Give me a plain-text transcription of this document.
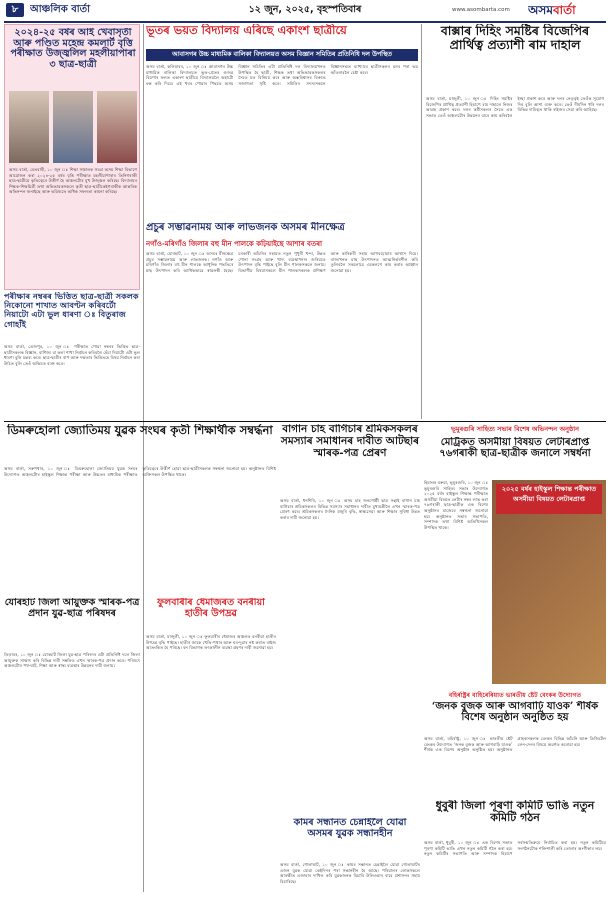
৮	আঞ্চলিক বাৰ্তা	১২ জুন, ২০২৫, বৃহস্পতিবাৰ	www.asombarta.com	অসমবাৰ্তা
২০২৪-২৫ বৰ্ষৰ আই খেবাসৃতী আৰু পণ্ডিত মহেন্দ্ৰ কমলাৰ্ট বৃত্তি পৰীক্ষাত উজ্জ্বলিল মহলীয়াপাৰা ৩ ছাত্ৰ-ছাত্ৰী
অসম বাৰ্তা, বেতবাৰী, ১০ জুন ঃ শিক্ষা সঞ্চালক সমগ্ৰ অসম শিক্ষা বিভাগে আয়োজন কৰা ২০২৪-২৫ বৰ্ষৰ বৃত্তি পৰীক্ষাত মহলীয়াপাৰাৰ তিনিগৰাকী ছাত্ৰ-ছাত্ৰীয়ে কৃতিত্বেৰে উত্তীৰ্ণ হৈ অঞ্চলটোৰ মুখ উজ্জ্বল কৰিছে। বিদ্যালয়ৰ শিক্ষক-শিক্ষয়িত্ৰী তথা অভিভাৱকসকলে কৃতী ছাত্ৰ-ছাত্ৰীকেইগৰাকীক আন্তৰিক অভিনন্দন জনাইছে আৰু ভৱিষ্যতে অধিক সফলতা কামনা কৰিছে।
পৰীক্ষাৰ নম্বৰৰ ভিত্তিত ছাত্ৰ-ছাত্ৰী সকলক নিকোনো শাখাত আবণ্টন কৰিবৰ্টো নিয়াটো এটা ভুল ধাৰণা ঃ বিতুৰাজ গোহাঁই
অসম বাৰ্তা, তেজপুৰ, ১০ জুন ঃ পৰীক্ষাত পোৱা নম্বৰৰ ভিত্তিত ছাত্ৰ-ছাত্ৰীসকলক বিজ্ঞান, বাণিজ্য বা কলা শাখা নিৰ্বাচন কৰিবলৈ হেঁচা দিয়াটো এটা ভুল ধাৰণা বুলি মন্তব্য কৰে। ছাত্ৰ-ছাত্ৰীৰ ৰাপ আৰু দক্ষতাৰ ভিত্তিতহে বিষয় নিৰ্বাচন কৰা উচিত বুলি তেওঁ অভিমত ব্যক্ত কৰে।
ভূতৰ ভয়ত বিদ্যালয় এৰিছে একাংশ ছাত্ৰীয়ে
আবাসগৰ উচ্চ মাধ্যমিক বালিকা বিদ্যালয়ত অসম বিজ্ঞান সমিতিৰ প্ৰতিনিধি দল উপস্থিত
অসম বাৰ্তা, কলিয়াবৰ, ১০ জুন ঃ আবাসগৰ উচ্চ মাধ্যমিক বালিকা বিদ্যালয়ত ভূত-প্ৰেতৰ গুজৱ বিয়পাৰ ফলত একাংশ ছাত্ৰীয়ে বিদ্যালয়লৈ অহাটো বন্ধ কৰি দিয়ে। এই খবৰ পোৱাৰ পিছতে অসম বিজ্ঞান সমিতিৰ এটা প্ৰতিনিধি দল বিদ্যালয়খনত উপস্থিত হৈ ছাত্ৰী, শিক্ষক তথা অভিভাৱকসকলৰ সৈতে মত বিনিময় কৰে আৰু অন্ধবিশ্বাসৰ বিৰুদ্ধে সজাগতা সৃষ্টি কৰে। সমিতিৰ সদস্যসকলে বিজ্ঞানসন্মত ব্যাখ্যাৰে ছাত্ৰীসকলৰ মনৰ পৰা ভয় আঁতৰাবলৈ চেষ্টা কৰে।
প্ৰচুৰ সম্ভাৱনাময় আৰু লাভজনক অসমৰ মীনক্ষেত্ৰ
নগাঁও-মৰিগাঁও জিলাৰ বহু মীন পালকে কঢ়িয়াইছে আশাৰ বতৰা
অসম বাৰ্তা, যোৰহাট, ১০ জুন ঃ অসমৰ মীনক্ষেত্ৰ প্ৰচুৰ সম্ভাৱনাময় আৰু লাভজনক। নগাঁও আৰু মৰিগাঁও জিলাৰ বহু মীন পালকে আধুনিক পদ্ধতিৰে মাছ উৎপাদন কৰি আৰ্থিকভাৱে স্বাৱলম্বী হৈছে। চৰকাৰী আঁচনিৰ সহায়ত নতুন পুখুৰী খন্দা, উন্নত পোনা সংগ্ৰহ আৰু খাদ্য ব্যৱস্থাপনাৰ জৰিয়তে উৎপাদন বৃদ্ধি পাইছে বুলি মীন পালকসকলে জনায়। বিভাগীয় বিষয়াসকলে মীন পালকসকলক প্ৰশিক্ষণ আৰু কাৰিকৰী সহায় আগবঢ়োৱাৰ আশ্বাস দিয়ে। ৰাজ্যখনক মাছ উৎপাদনত আত্মনিৰ্ভৰশীল কৰি তুলিবলৈ সকলোৱে একেলগে কাম কৰাৰ আহ্বান জনোৱা হয়।
বাক্সাৰ দিহিং সমষ্টিৰ বিজেপিৰ প্ৰাৰ্থিত্ব প্ৰত্যাশী ৰাম দাহাল
অসম বাৰ্তা, মাজুলী, ১০ জুন ঃ দিহিং সমষ্টিৰ বিজেপিৰ প্ৰাৰ্থিত্ব প্ৰত্যাশী হিচাপে ৰাম দাহালে নিজৰ আগ্ৰহ প্ৰকাশ কৰে। দলৰ কৰ্মীসকলৰ সৈতে এক সভাত তেওঁ অঞ্চলটোৰ উন্নয়নৰ বাবে কাম কৰিবলৈ ইচ্ছা প্ৰকাশ কৰে আৰু দলৰ নেতৃত্বই তেওঁক সুযোগ দিব বুলি আশা ব্যক্ত কৰে। তেওঁ দীৰ্ঘদিন ধৰি দলৰ বিভিন্ন দায়িত্বত থাকি ৰাইজৰ সেৱা কৰি আহিছে।
ডিমৰুহোলা জ্যোতিময় যুৱক সংঘৰ কৃতী শিক্ষাৰ্থীক সম্বৰ্দ্ধনা
অসম বাৰ্তা, সৰুপথাৰ, ১০ জুন ঃ ডিমৰুহোলা জ্যোতিময় যুৱক সংঘৰ উদ্যোগত অঞ্চলটোৰ হাইস্কুল শিক্ষান্ত পৰীক্ষা আৰু উচ্চতৰ মাধ্যমিক পৰীক্ষাত কৃতিত্বেৰে উত্তীৰ্ণ হোৱা ছাত্ৰ-ছাত্ৰীসকলক সম্বৰ্দ্ধনা জনোৱা হয়। অনুষ্ঠানত বিশিষ্ট ব্যক্তিসকল উপস্থিত থাকে।
যোৰহাট জিলা আয়ুক্তক স্মাৰক-পত্ৰ প্ৰদান যুৱ-ছাত্ৰ পৰিষদৰ
তিতাবৰ, ১০ জুন ঃ যোৰহাট জিলা যুৱ-ছাত্ৰ পৰিষদৰ এটা প্ৰতিনিধি দলে জিলা আয়ুক্তক সাক্ষাৎ কৰি বিভিন্ন দাবী সম্বলিত এখন স্মাৰক-পত্ৰ প্ৰদান কৰে। পৰিষদে অঞ্চলটোৰ পথ-ঘাট, শিক্ষা আৰু স্বাস্থ্য ব্যৱস্থাৰ উন্নয়নৰ দাবী জনায়।
ফুলবাৰীৰ ধেমাজৰত বনৰীয়া হাতীৰ উপদ্ৰৱ
অসম বাৰ্তা, মাজুলী, ১০ জুন ঃ ফুলবাৰীৰ ধেমাজৰ অঞ্চলত বনৰীয়া হাতীৰ উপদ্ৰৱ বৃদ্ধি পাইছে। হাতীৰ জাকে খেতি-পথাৰ আৰু ঘৰ-দুৱাৰ নষ্ট কৰাত ৰাইজ আতংকিত হৈ পৰিছে। বন বিভাগক তৎকালীন ব্যৱস্থা গ্ৰহণৰ দাবী জনোৱা হয়।
বাগান চাহ বাগিচাৰ শ্ৰমিকসকলৰ সমস্যাৰ সমাধানৰ দাবীত আটছাৰ স্মাৰক-পত্ৰ প্ৰেৰণ
অসম বাৰ্তা, ধনশিৰি, ১০ জুন ঃ অসম চাহ জনগোষ্ঠী ছাত্ৰ সন্থাই বাগান চাহ বাগিচাৰ শ্ৰমিকসকলৰ বিভিন্ন সমস্যাৰ সমাধানৰ দাবীত মুখ্যমন্ত্ৰীলৈ এখন স্মাৰক-পত্ৰ প্ৰেৰণ কৰে। শ্ৰমিকসকলৰ দৈনিক মজুৰি বৃদ্ধি, স্বাস্থ্যসেৱা আৰু শিক্ষাৰ সুবিধা উন্নত কৰাৰ দাবী জনোৱা হয়।
কামৰ সন্ধানত চেন্নাইলৈ যোৱা অসমৰ যুৱক সন্ধানহীন
অসম বাৰ্তা, গোলাঘাট, ১০ জুন ঃ কামৰ সন্ধানত চেন্নাইলৈ যোৱা গোলাঘাটৰ এজন যুৱক যোৱা কেইদিনৰ পৰা সন্ধানহীন হৈ আছে। পৰিয়ালৰ লোকসকলে আৰক্ষীত এজাহাৰ দাখিল কৰি যুৱকজনক বিচাৰি উলিওৱাৰ বাবে প্ৰশাসনৰ সহায় বিচাৰিছে।
ভূমুৰগুৰি সাহিত্য সভাৰ বিশেষ অভিনন্দন অনুষ্ঠান
মেট্ৰিকত অসমীয়া বিষয়ত লেটাৰপ্ৰাপ্ত ৭৬গৰাকী ছাত্ৰ-ছাত্ৰীক জনালে সম্বৰ্ধনা
হিমাংশু বৰুৱা, ভূমুৰগুৰি, ১০ জুন ঃ ভূমুৰগুৰি সাহিত্য সভাৰ উদ্যোগত ২০২৫ বৰ্ষৰ হাইস্কুল শিক্ষান্ত পৰীক্ষাত অসমীয়া বিষয়ত লেটাৰ নম্বৰ লাভ কৰা ৭৬গৰাকী ছাত্ৰ-ছাত্ৰীক এক বিশেষ অনুষ্ঠানৰ মাজেৰে সম্বৰ্দ্ধনা জনোৱা হয়। অনুষ্ঠানত সভাৰ সভাপতি, সম্পাদক তথা বিশিষ্ট অতিথিসকল উপস্থিত থাকে।
২০২৫ বৰ্ষৰ হাইস্কুল শিক্ষান্ত পৰীক্ষাত অসমীয়া বিষয়ত লেটাৰপ্ৰাপ্ত
বহিৰ্ৰাষ্ট্ৰৰ বাহিৰেৰিয়াত ভাৰতীয় ষ্টেট বেংকৰ উদ্যোগত
‘জনক বুজক আৰু আগবাঢ়ি যাওক’ শীৰ্ষক বিশেষ অনুষ্ঠান অনুষ্ঠিত হয়
অসম বাৰ্তা, বহিৰ্ৰাষ্ট্ৰ, ১০ জুন ঃ ভাৰতীয় ষ্টেট বেংকৰ উদ্যোগত ‘জনক বুজক আৰু আগবাঢ়ি যাওক’ শীৰ্ষক এক বিশেষ অনুষ্ঠান অনুষ্ঠিত হয়। অনুষ্ঠানত গ্ৰাহকসকলক বেংকৰ বিভিন্ন আঁচনি আৰু ডিজিটেল লেন-দেনৰ বিষয়ে অৱগত কৰোৱা হয়।
ধুবুৰী জিলা পূৰণা কমিটি ভাঙি নতুন কমিটি গঠন
অসম বাৰ্তা, ধুবুৰী, ১০ জুন ঃ এক বিশেষ সভাত পূৰণা কমিটি ভাঙি এখন নতুন কমিটি গঠন কৰা হয়। নতুন কমিটিৰ সভাপতি আৰু সম্পাদক হিচাপে সৰ্বসন্মতিক্ৰমে নিৰ্বাচিত কৰা হয়। নতুন কমিটিয়ে সংগঠনটোক শক্তিশালী কৰি তোলাৰ অংগীকাৰ লয়।
